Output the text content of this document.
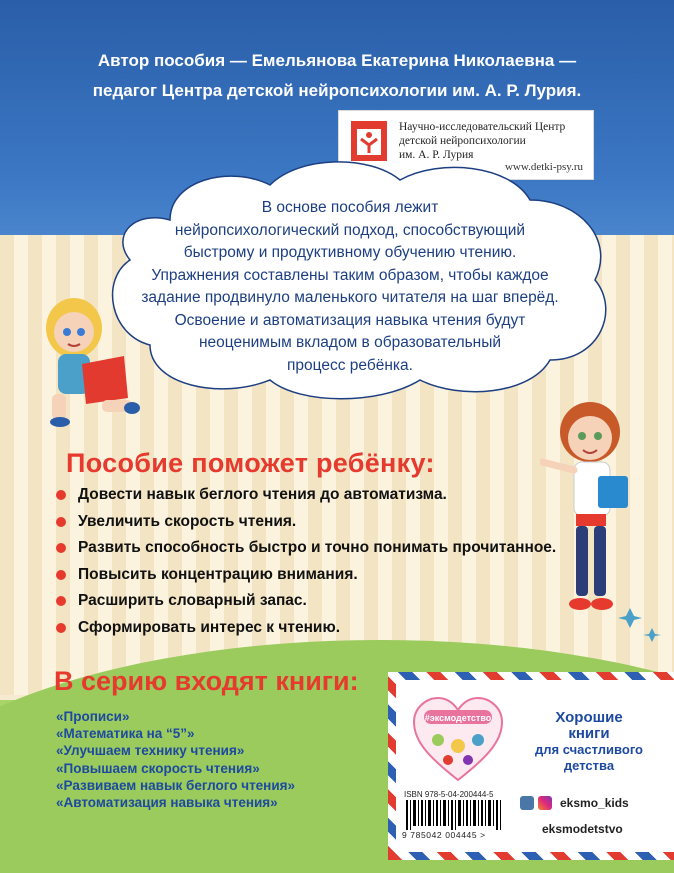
Автор пособия — Емельянова Екатерина Николаевна —
педагог Центра детской нейропсихологии им. А. Р. Лурия.
Научно-исследовательский Центр
детской нейропсихологии
им. А. Р. Лурия
www.detki-psy.ru
В основе пособия лежит
нейропсихологический подход, способствующий
быстрому и продуктивному обучению чтению.
Упражнения составлены таким образом, чтобы каждое
задание продвинуло маленького читателя на шаг вперёд.
Освоение и автоматизация навыка чтения будут
неоценимым вкладом в образовательный
процесс ребёнка.
Пособие поможет ребёнку:
Довести навык беглого чтения до автоматизма.
Увеличить скорость чтения.
Развить способность быстро и точно понимать прочитанное.
Повысить концентрацию внимания.
Расширить словарный запас.
Сформировать интерес к чтению.
В серию входят книги:
«Прописи»
«Математика на “5”»
«Улучшаем технику чтения»
«Повышаем скорость чтения»
«Развиваем навык беглого чтения»
«Автоматизация навыка чтения»
#эксмодетство	Хорошие
книги
для счастливого
детства
ISBN 978-5-04-200444-5
9 785042 004445 >
eksmo_kids
eksmodetstvo
